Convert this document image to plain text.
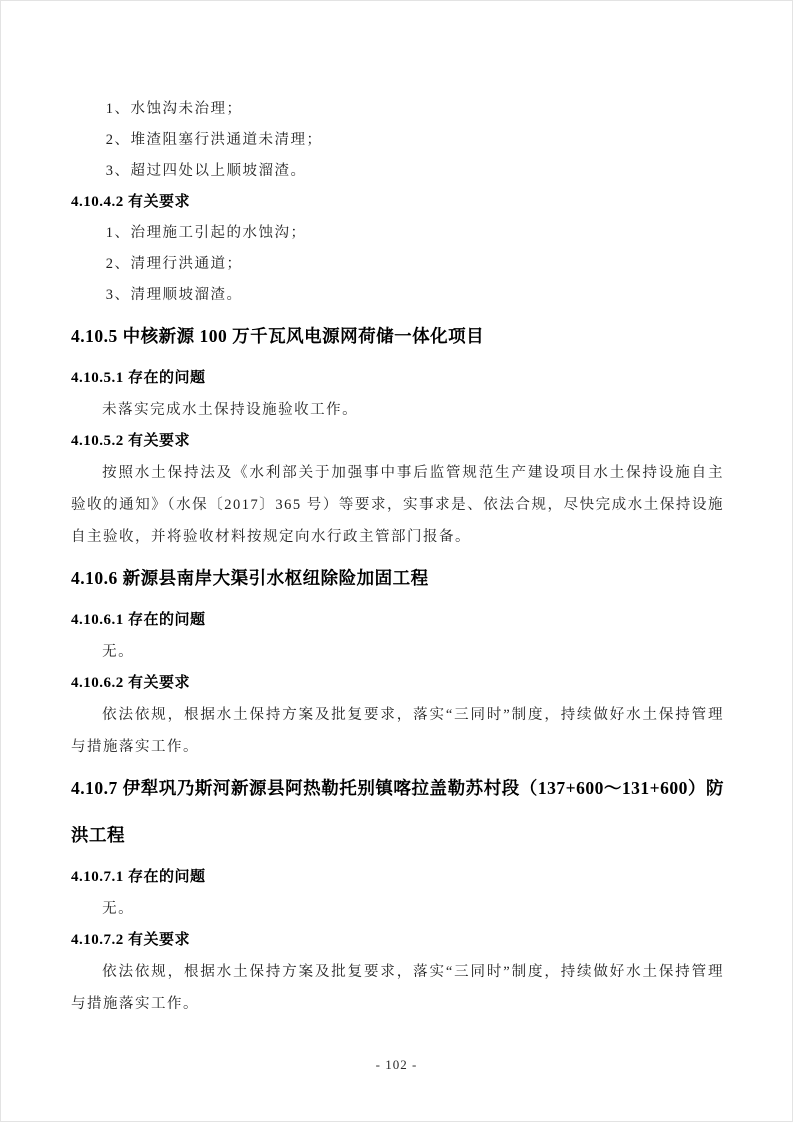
1、水蚀沟未治理；
2、堆渣阻塞行洪通道未清理；
3、超过四处以上顺坡溜渣。
4.10.4.2 有关要求
1、治理施工引起的水蚀沟；
2、清理行洪通道；
3、清理顺坡溜渣。
4.10.5 中核新源 100 万千瓦风电源网荷储一体化项目
4.10.5.1 存在的问题

未落实完成水土保持设施验收工作。

4.10.5.2 有关要求

按照水土保持法及《水利部关于加强事中事后监管规范生产建设项目水土保持设施自主验收的通知》（水保〔2017〕365 号）等要求，实事求是、依法合规，尽快完成水土保持设施自主验收，并将验收材料按规定向水行政主管部门报备。

4.10.6 新源县南岸大渠引水枢纽除险加固工程
4.10.6.1 存在的问题

无。

4.10.6.2 有关要求

依法依规，根据水土保持方案及批复要求，落实“三同时”制度，持续做好水土保持管理与措施落实工作。

4.10.7 伊犁巩乃斯河新源县阿热勒托别镇喀拉盖勒苏村段（137+600～131+600）防洪工程
4.10.7.1 存在的问题

无。

4.10.7.2 有关要求

依法依规，根据水土保持方案及批复要求，落实“三同时”制度，持续做好水土保持管理与措施落实工作。

- 102 -
